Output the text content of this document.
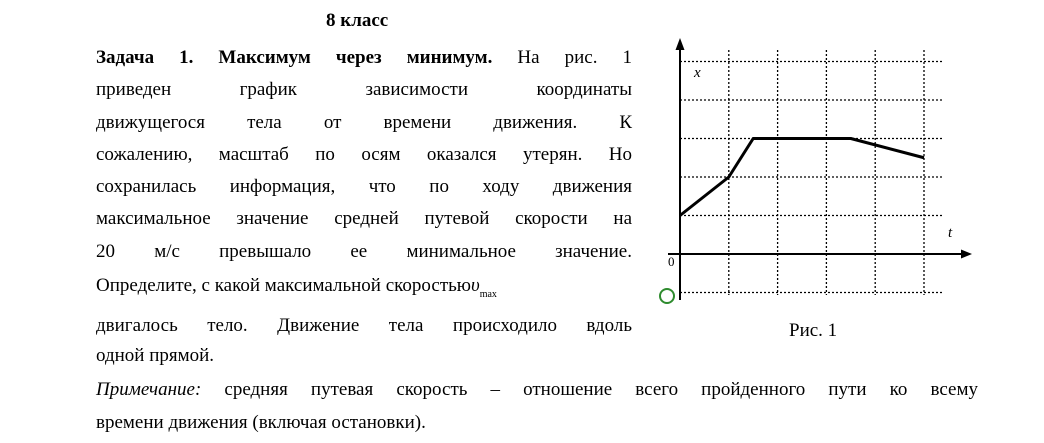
8 класс
Задача 1. Максимум через минимум. На рис. 1
приведен график зависимости координаты
движущегося тела от времени движения. К
сожалению, масштаб по осям оказался утерян. Но
сохранилась информация, что по ходу движения
максимальное значение средней путевой скорости на
20 м/с превышало ее минимальное значение.
Определите, с какой максимальной скоростьюυ$_{max}$
двигалось тело. Движение тела происходило вдоль
одной прямой.
Примечание: средняя путевая скорость – отношение всего пройденного пути ко всему
времени движения (включая остановки).
x
t
0
Рис. 1
